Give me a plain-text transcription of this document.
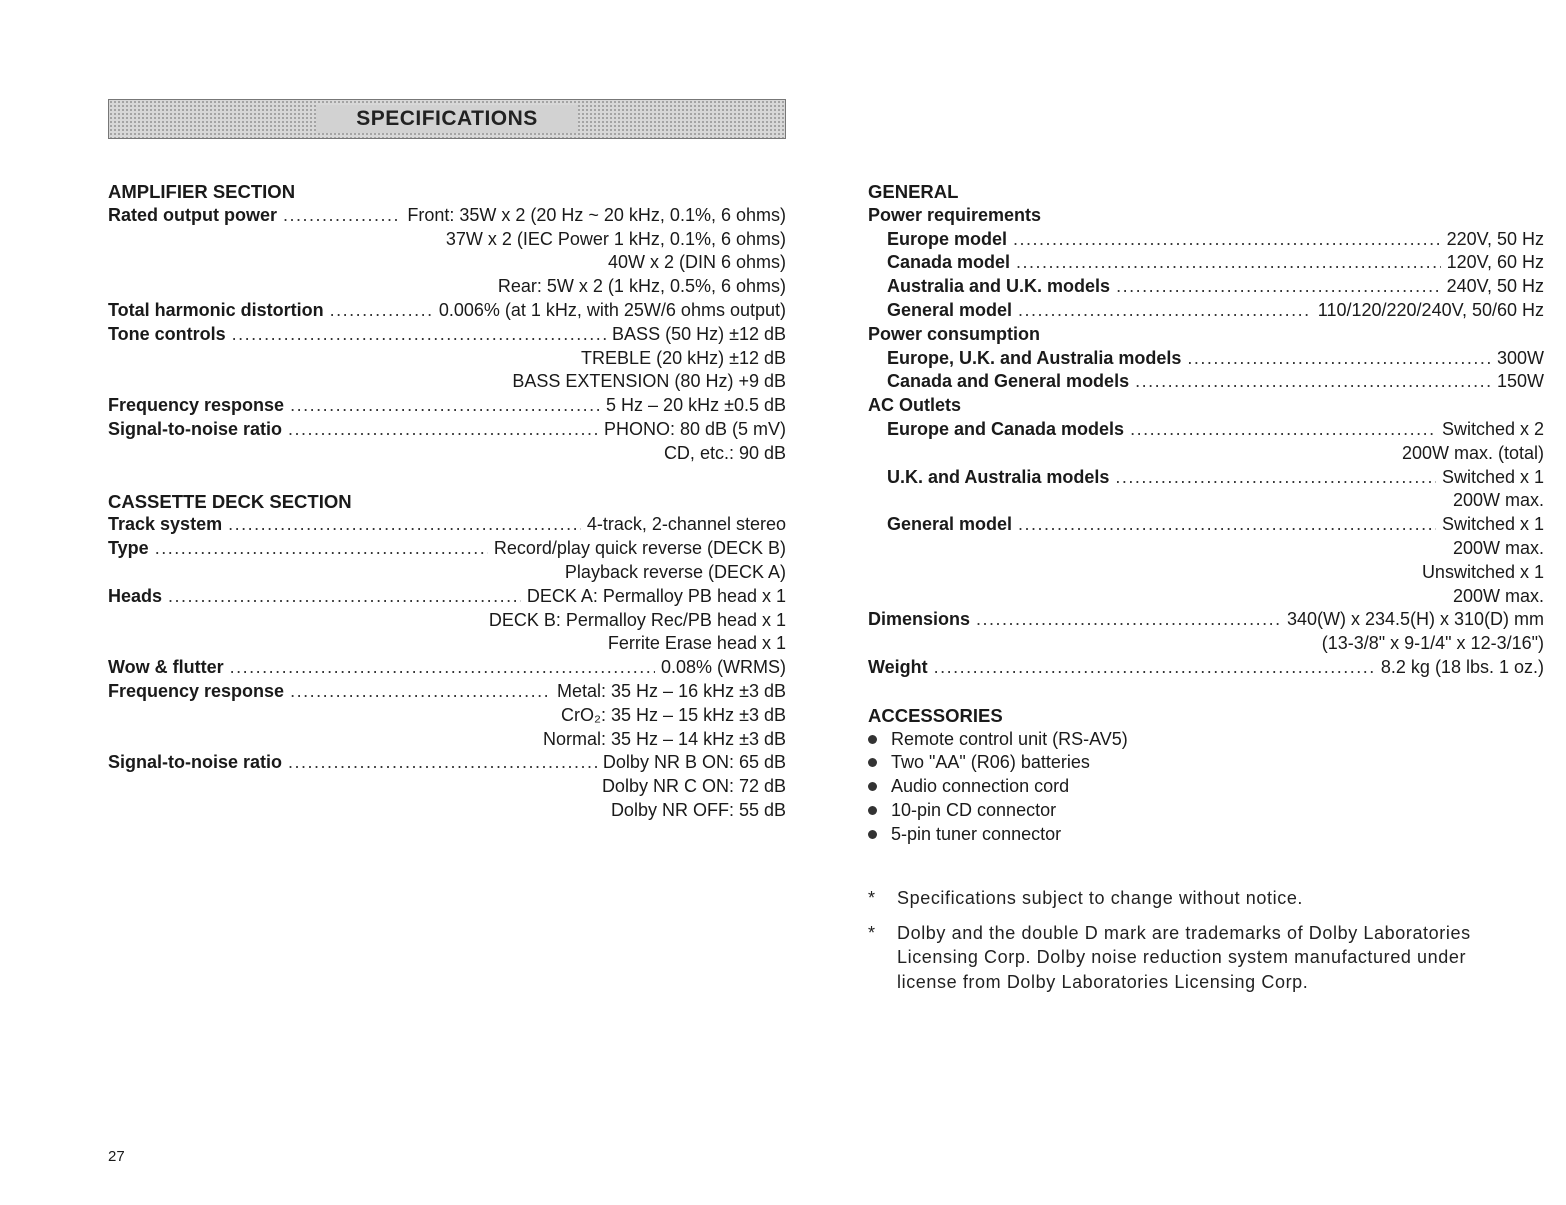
SPECIFICATIONS
AMPLIFIER SECTION
Rated output power .....	Front: 35W x 2 (20 Hz ~ 20 kHz, 0.1%, 6 ohms)
37W x 2 (IEC Power 1 kHz, 0.1%, 6 ohms)
40W x 2 (DIN 6 ohms)
Rear: 5W x 2 (1 kHz, 0.5%, 6 ohms)
Total harmonic distortion .....	0.006% (at 1 kHz, with 25W/6 ohms output)
Tone controls .....	BASS (50 Hz) ±12 dB
TREBLE (20 kHz) ±12 dB
BASS EXTENSION (80 Hz) +9 dB
Frequency response .....	5 Hz – 20 kHz ±0.5 dB
Signal-to-noise ratio .....	PHONO: 80 dB (5 mV)
CD, etc.: 90 dB
CASSETTE DECK SECTION
Track system .....	4-track, 2-channel stereo
Type .....	Record/play quick reverse (DECK B)
Playback reverse (DECK A)
Heads .....	DECK A: Permalloy PB head x 1
DECK B: Permalloy Rec/PB head x 1
Ferrite Erase head x 1
Wow & flutter .....	0.08% (WRMS)
Frequency response .....	Metal: 35 Hz – 16 kHz ±3 dB
CrO₂: 35 Hz – 15 kHz ±3 dB
Normal: 35 Hz – 14 kHz ±3 dB
Signal-to-noise ratio .....	Dolby NR B ON: 65 dB
Dolby NR C ON: 72 dB
Dolby NR OFF: 55 dB
GENERAL
Power requirements
Europe model .....	220V, 50 Hz
Canada model .....	120V, 60 Hz
Australia and U.K. models .....	240V, 50 Hz
General model .....	110/120/220/240V, 50/60 Hz
Power consumption
Europe, U.K. and Australia models .....	300W
Canada and General models .....	150W
AC Outlets
Europe and Canada models .....	Switched x 2
200W max. (total)
U.K. and Australia models .....	Switched x 1
200W max.
General model .....	Switched x 1
200W max.
Unswitched x 1
200W max.
Dimensions .....	340(W) x 234.5(H) x 310(D) mm
(13-3/8" x 9-1/4" x 12-3/16")
Weight .....	8.2 kg (18 lbs. 1 oz.)
ACCESSORIES
Remote control unit (RS-AV5)
Two "AA" (R06) batteries
Audio connection cord
10-pin CD connector
5-pin tuner connector
*	Specifications subject to change without notice.
*	Dolby and the double D mark are trademarks of Dolby Laboratories Licensing Corp. Dolby noise reduction system manufactured under license from Dolby Laboratories Licensing Corp.
27
